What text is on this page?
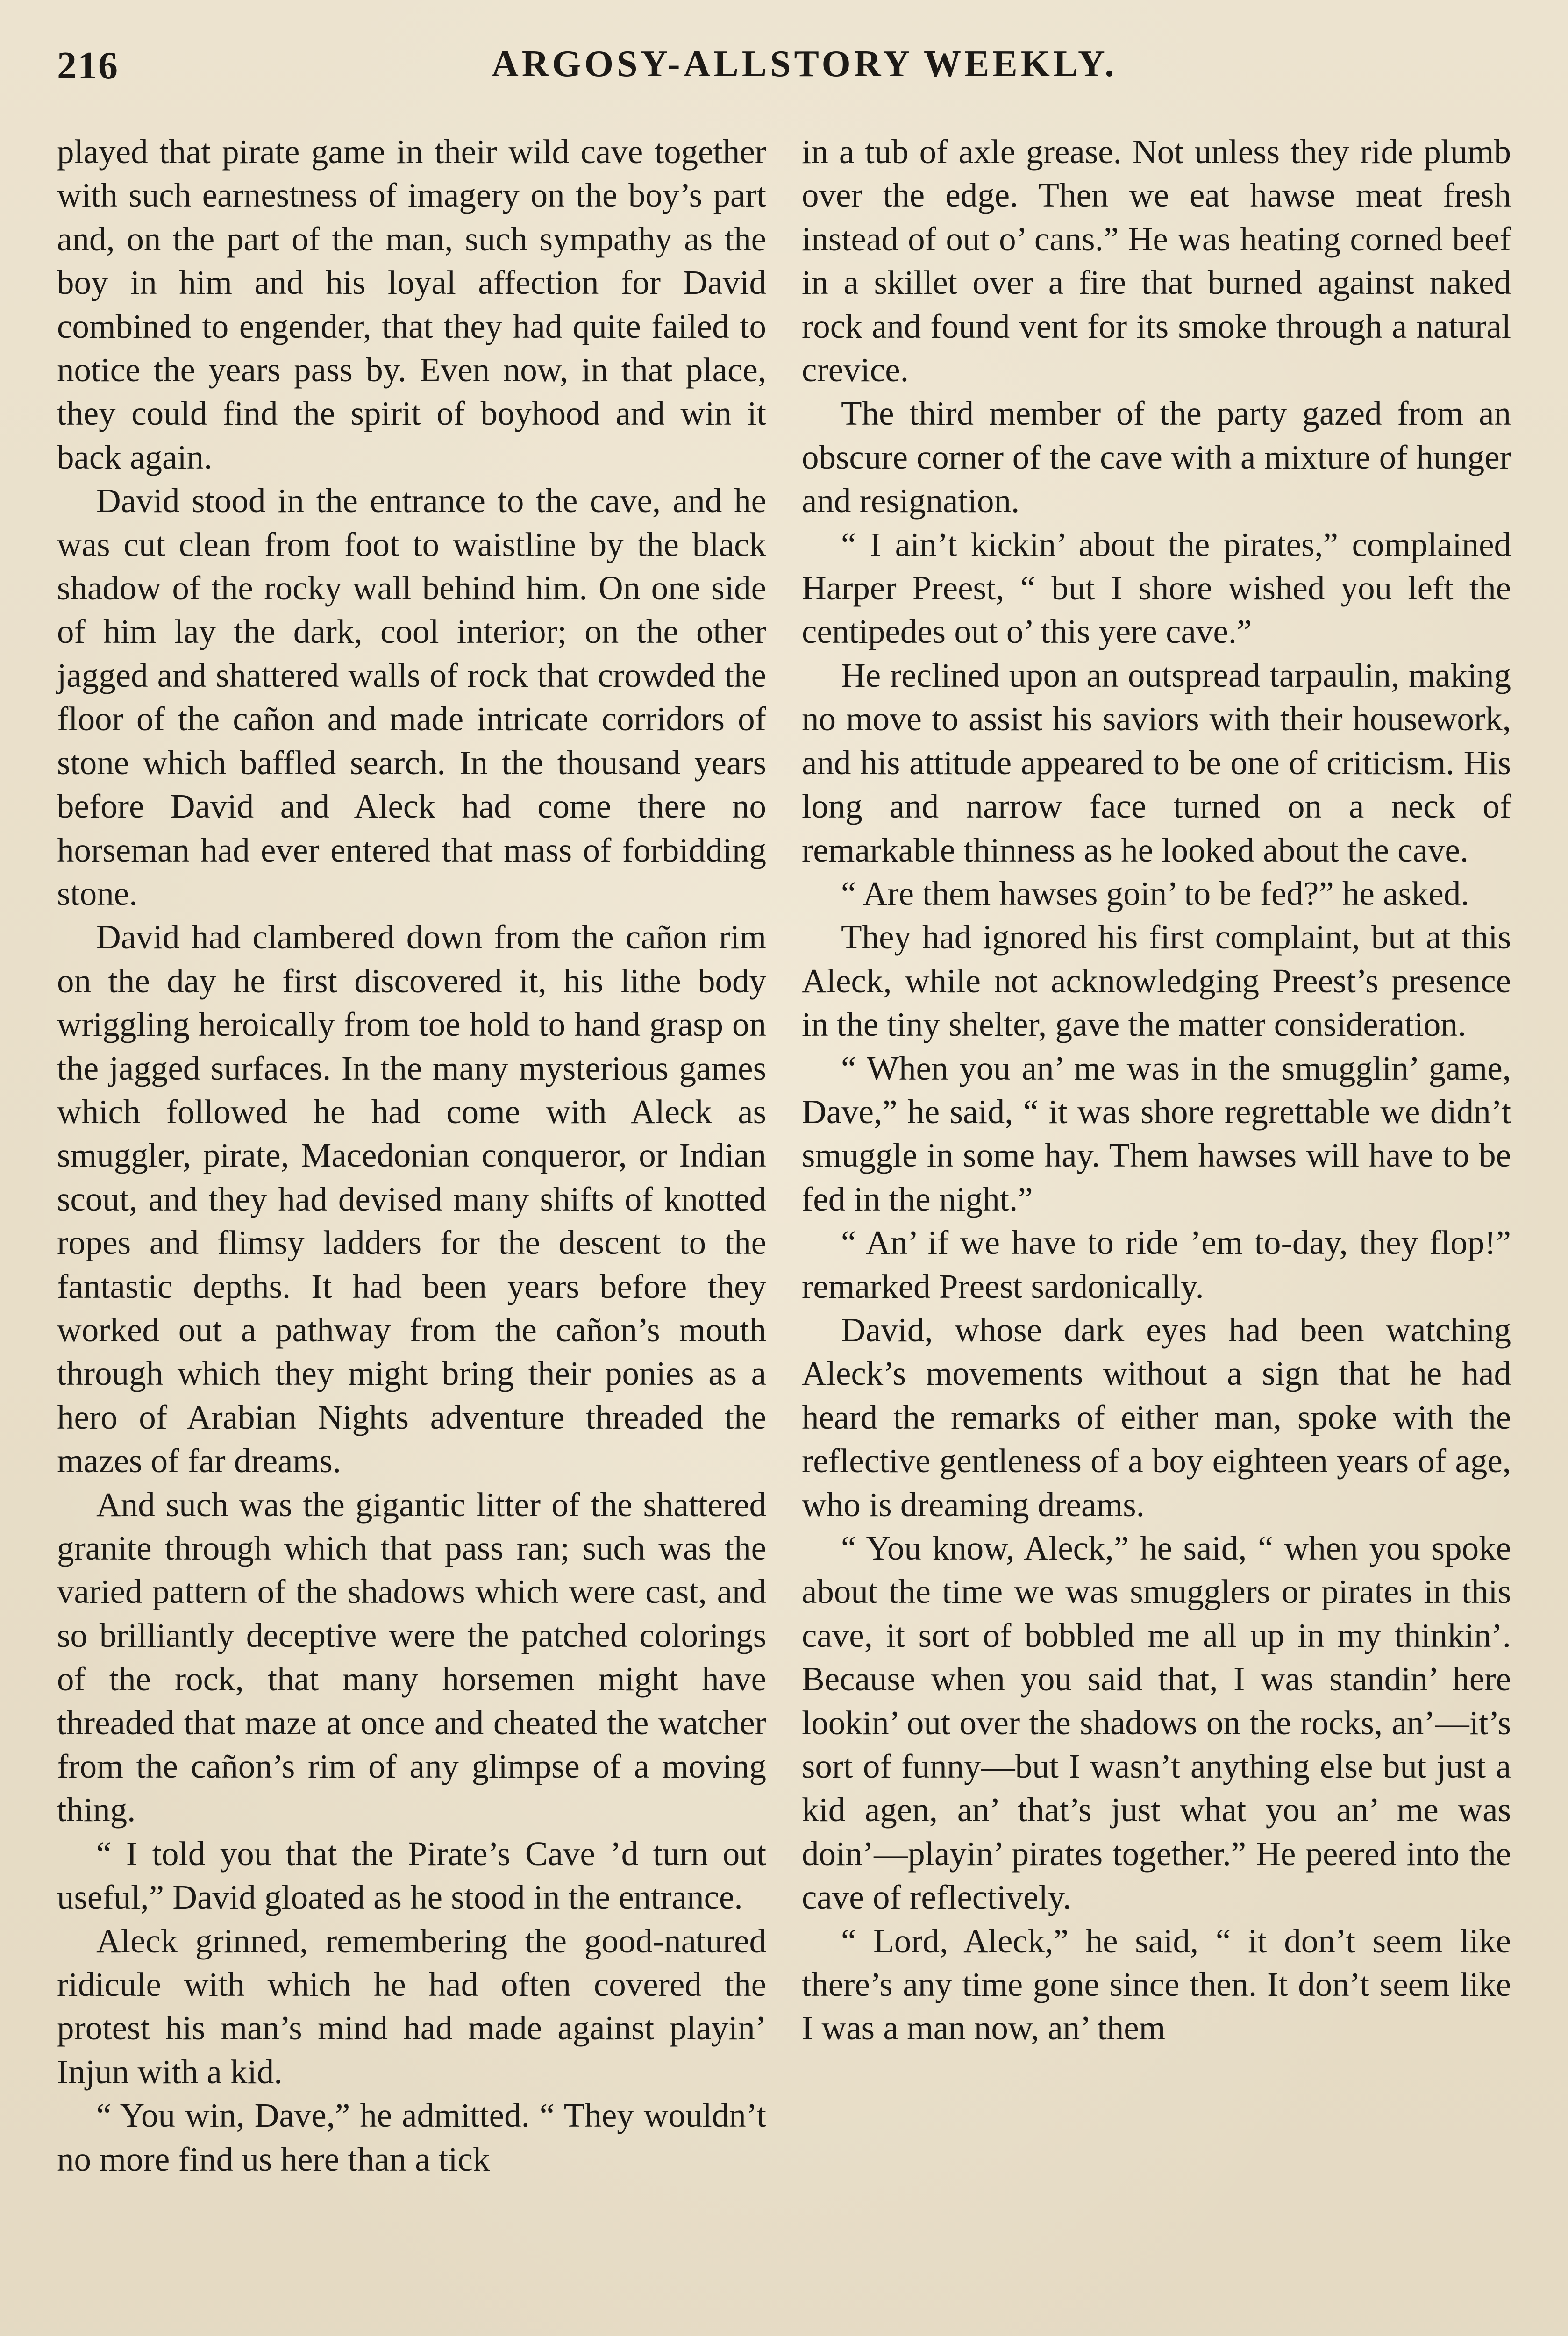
216	ARGOSY-ALLSTORY WEEKLY.

played that pirate game in their wild cave together with such earnestness of imagery on the boy’s part and, on the part of the man, such sympathy as the boy in him and his loyal affection for David combined to engender, that they had quite failed to notice the years pass by. Even now, in that place, they could find the spirit of boyhood and win it back again.

David stood in the entrance to the cave, and he was cut clean from foot to waistline by the black shadow of the rocky wall behind him. On one side of him lay the dark, cool interior; on the other jagged and shattered walls of rock that crowded the floor of the cañon and made intricate corridors of stone which baffled search. In the thousand years before David and Aleck had come there no horseman had ever entered that mass of forbidding stone.

David had clambered down from the cañon rim on the day he first discovered it, his lithe body wriggling heroically from toe hold to hand grasp on the jagged surfaces. In the many mysterious games which followed he had come with Aleck as smuggler, pirate, Macedonian conqueror, or Indian scout, and they had devised many shifts of knotted ropes and flimsy ladders for the descent to the fantastic depths. It had been years before they worked out a pathway from the cañon’s mouth through which they might bring their ponies as a hero of Arabian Nights adventure threaded the mazes of far dreams.

And such was the gigantic litter of the shattered granite through which that pass ran; such was the varied pattern of the shadows which were cast, and so brilliantly deceptive were the patched colorings of the rock, that many horsemen might have threaded that maze at once and cheated the watcher from the cañon’s rim of any glimpse of a moving thing.

“ I told you that the Pirate’s Cave ’d turn out useful,” David gloated as he stood in the entrance.

Aleck grinned, remembering the good-natured ridicule with which he had often covered the protest his man’s mind had made against playin’ Injun with a kid.

“ You win, Dave,” he admitted. “ They wouldn’t no more find us here than a tick

in a tub of axle grease. Not unless they ride plumb over the edge. Then we eat hawse meat fresh instead of out o’ cans.” He was heating corned beef in a skillet over a fire that burned against naked rock and found vent for its smoke through a natural crevice.

The third member of the party gazed from an obscure corner of the cave with a mixture of hunger and resignation.

“ I ain’t kickin’ about the pirates,” complained Harper Preest, “ but I shore wished you left the centipedes out o’ this yere cave.”

He reclined upon an outspread tarpaulin, making no move to assist his saviors with their housework, and his attitude appeared to be one of criticism. His long and narrow face turned on a neck of remarkable thinness as he looked about the cave.

“ Are them hawses goin’ to be fed?” he asked.

They had ignored his first complaint, but at this Aleck, while not acknowledging Preest’s presence in the tiny shelter, gave the matter consideration.

“ When you an’ me was in the smugglin’ game, Dave,” he said, “ it was shore regrettable we didn’t smuggle in some hay. Them hawses will have to be fed in the night.”

“ An’ if we have to ride ’em to-day, they flop!” remarked Preest sardonically.

David, whose dark eyes had been watching Aleck’s movements without a sign that he had heard the remarks of either man, spoke with the reflective gentleness of a boy eighteen years of age, who is dreaming dreams.

“ You know, Aleck,” he said, “ when you spoke about the time we was smugglers or pirates in this cave, it sort of bobbled me all up in my thinkin’. Because when you said that, I was standin’ here lookin’ out over the shadows on the rocks, an’—it’s sort of funny—but I wasn’t anything else but just a kid agen, an’ that’s just what you an’ me was doin’—playin’ pirates together.” He peered into the cave of reflectively.

“ Lord, Aleck,” he said, “ it don’t seem like there’s any time gone since then. It don’t seem like I was a man now, an’ them
